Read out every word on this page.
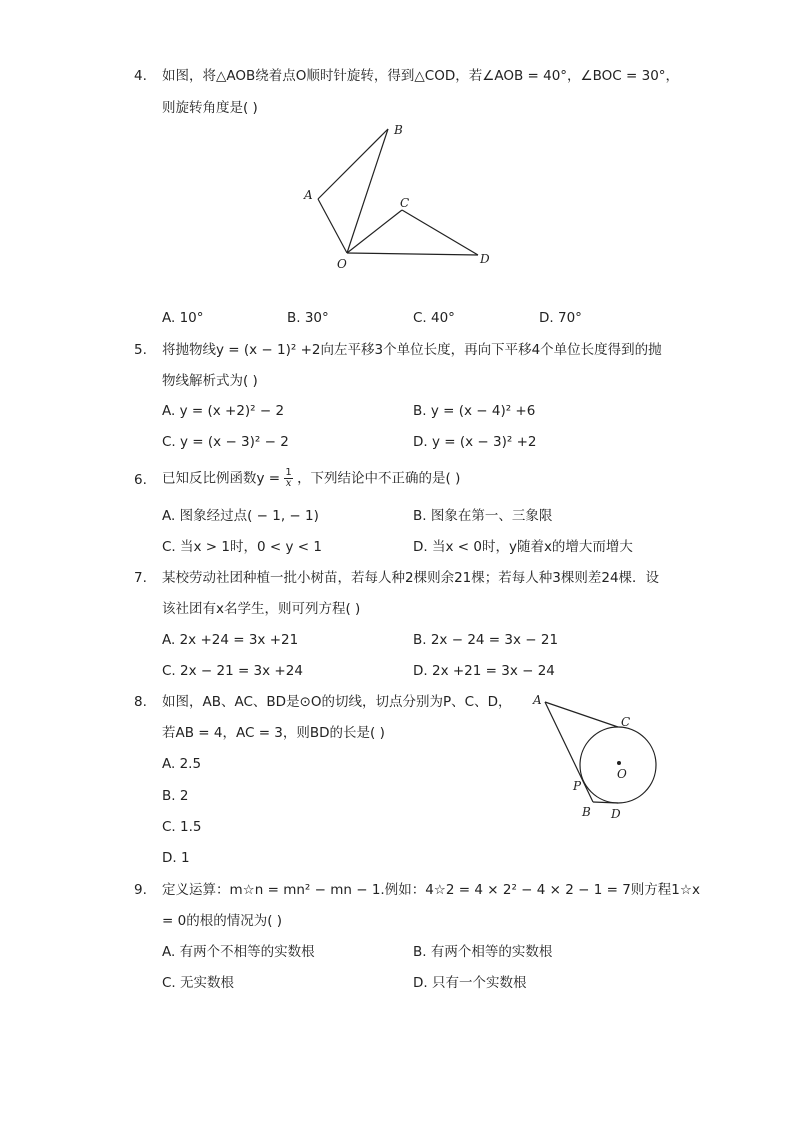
4. 如图，将△AOB绕着点O顺时针旋转，得到△COD，若∠AOB = 40°，∠BOC = 30°，
则旋转角度是( )
A
B
C
D
O
A. 10°	B. 30°	C. 40°	D. 70°
5. 将抛物线y = (x − 1)² +2向左平移3个单位长度，再向下平移4个单位长度得到的抛
物线解析式为( )
A. y = (x +2)² − 2	B. y = (x − 4)² +6
C. y = (x − 3)² − 2	D. y = (x − 3)² +2
6. 已知反比例函数$y = \frac{1}{x}$ ，下列结论中不正确的是( )
A. 图象经过点( − 1, − 1)	B. 图象在第一、三象限
C. 当x > 1时，0 < y < 1	D. 当x < 0时，y随着x的增大而增大
7. 某校劳动社团种植一批小树苗，若每人种2棵则余21棵；若每人种3棵则差24棵．设
该社团有x名学生，则可列方程( )
A. 2x +24 = 3x +21	B. 2x − 24 = 3x − 21
C. 2x − 21 = 3x +24	D. 2x +21 = 3x − 24
8. 如图，AB、AC、BD是⊙O的切线，切点分别为P、C、D，
若AB = 4，AC = 3，则BD的长是( )
A
C
O
P
B D
A. 2.5
B. 2
C. 1.5
D. 1
9. 定义运算：m☆n = mn² − mn − 1.例如：4☆2 = 4 × 2² − 4 × 2 − 1 = 7则方程1☆x
= 0的根的情况为( )
A. 有两个不相等的实数根	B. 有两个相等的实数根
C. 无实数根	D. 只有一个实数根
